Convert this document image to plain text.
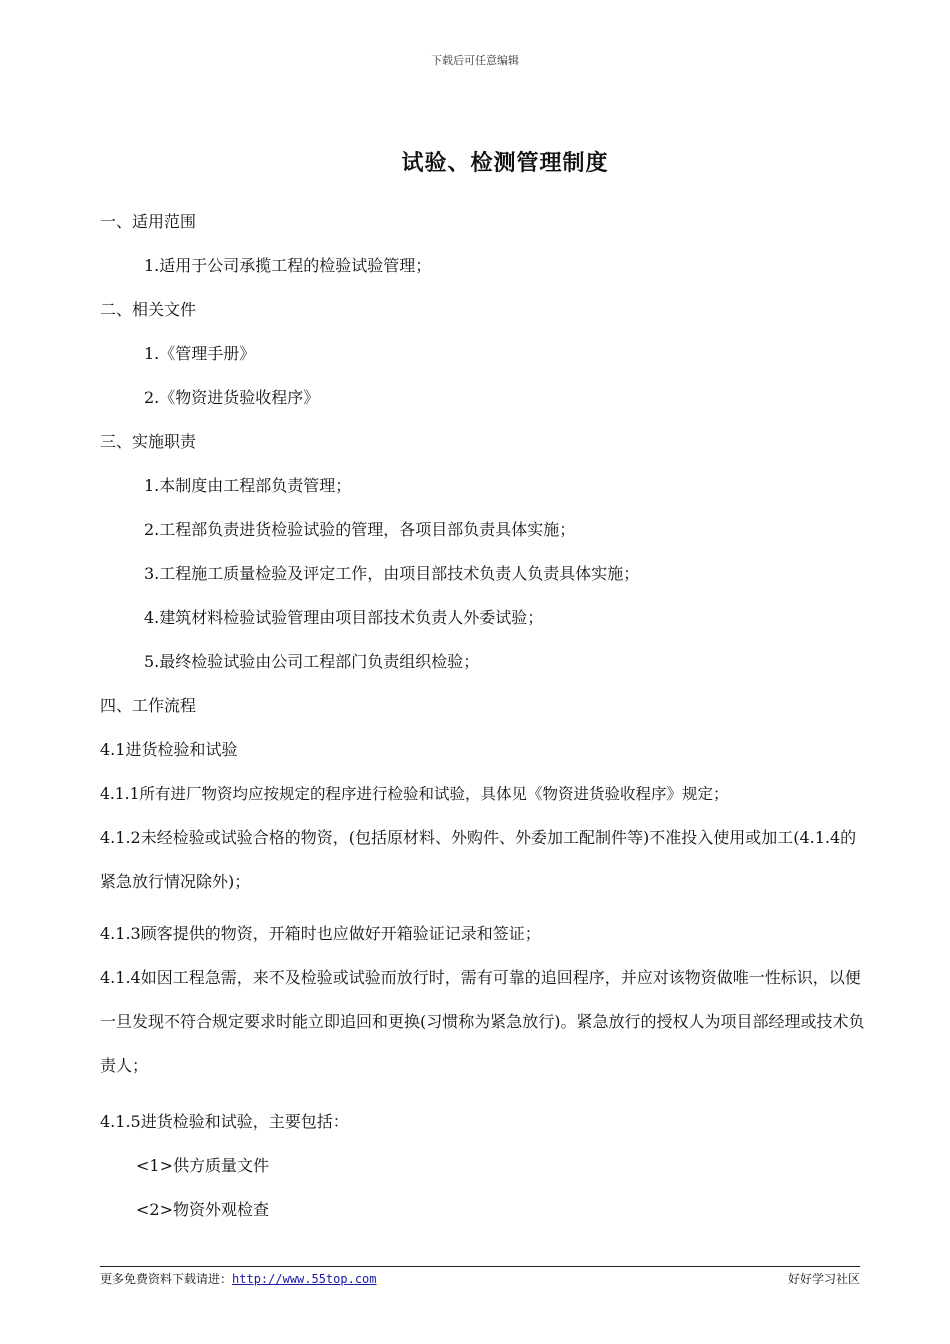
下载后可任意编辑
试验、检测管理制度
一、适用范围
1.适用于公司承揽工程的检验试验管理；
二、相关文件
1.《管理手册》
2.《物资进货验收程序》
三、实施职责
1.本制度由工程部负责管理；
2.工程部负责进货检验试验的管理，各项目部负责具体实施；
3.工程施工质量检验及评定工作，由项目部技术负责人负责具体实施；
4.建筑材料检验试验管理由项目部技术负责人外委试验；
5.最终检验试验由公司工程部门负责组织检验；
四、工作流程
4.1进货检验和试验
4.1.1所有进厂物资均应按规定的程序进行检验和试验，具体见《物资进货验收程序》规定；
4.1.2未经检验或试验合格的物资，(包括原材料、外购件、外委加工配制件等)不准投入使用或加工(4.1.4的紧急放行情况除外)；
4.1.3顾客提供的物资，开箱时也应做好开箱验证记录和签证；
4.1.4如因工程急需，来不及检验或试验而放行时，需有可靠的追回程序，并应对该物资做唯一性标识，以便一旦发现不符合规定要求时能立即追回和更换(习惯称为紧急放行)。紧急放行的授权人为项目部经理或技术负责人；
4.1.5进货检验和试验，主要包括：
<1>供方质量文件
<2>物资外观检查
更多免费资料下载请进：http://www.55top.com	好好学习社区
